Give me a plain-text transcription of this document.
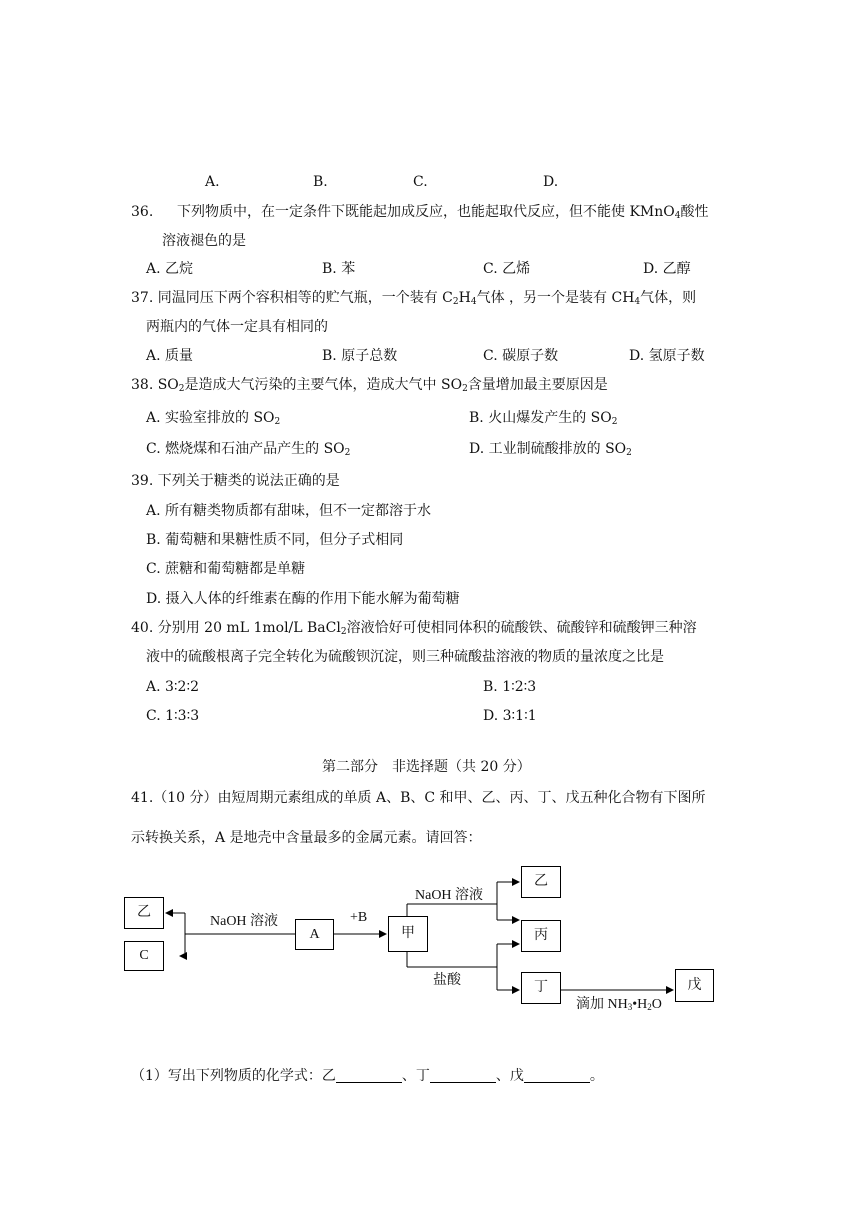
A.	B.	C.	D.
36. 下列物质中，在一定条件下既能起加成反应，也能起取代反应，但不能使 KMnO$_4$酸性
溶液褪色的是
A. 乙烷	B. 苯	C. 乙烯	D. 乙醇
37. 同温同压下两个容积相等的贮气瓶，一个装有 $C_2H_4$气体 ，另一个是装有 $CH_4$气体，则
两瓶内的气体一定具有相同的
A. 质量	B. 原子总数	C. 碳原子数	D. 氢原子数
38. $SO_2$是造成大气污染的主要气体，造成大气中 $SO_2$含量增加最主要原因是
A. 实验室排放的 $SO_2$	B. 火山爆发产生的 $SO_2$
C. 燃烧煤和石油产品产生的 $SO_2$	D. 工业制硫酸排放的 $SO_2$
39. 下列关于糖类的说法正确的是
A. 所有糖类物质都有甜味，但不一定都溶于水
B. 葡萄糖和果糖性质不同，但分子式相同
C. 蔗糖和葡萄糖都是单糖
D. 摄入人体的纤维素在酶的作用下能水解为葡萄糖
40. 分别用 20 mL 1mol/L BaCl$_2$溶液恰好可使相同体积的硫酸铁、硫酸锌和硫酸钾三种溶
液中的硫酸根离子完全转化为硫酸钡沉淀，则三种硫酸盐溶液的物质的量浓度之比是
A. 3∶2∶2	B. 1∶2∶3
C. 1∶3∶3	D. 3∶1∶1
第二部分　非选择题（共 20 分）
41.（10 分）由短周期元素组成的单质 A、B、C 和甲、乙、丙、丁、戊五种化合物有下图所
示转换关系，A 是地壳中含量最多的金属元素。请回答：
乙
C
A	甲
乙
丙
丁	戊
NaOH 溶液	+B
NaOH 溶液
盐酸
滴加 $NH_3•H_2O$
（1）写出下列物质的化学式：乙	、丁	、戊	。
